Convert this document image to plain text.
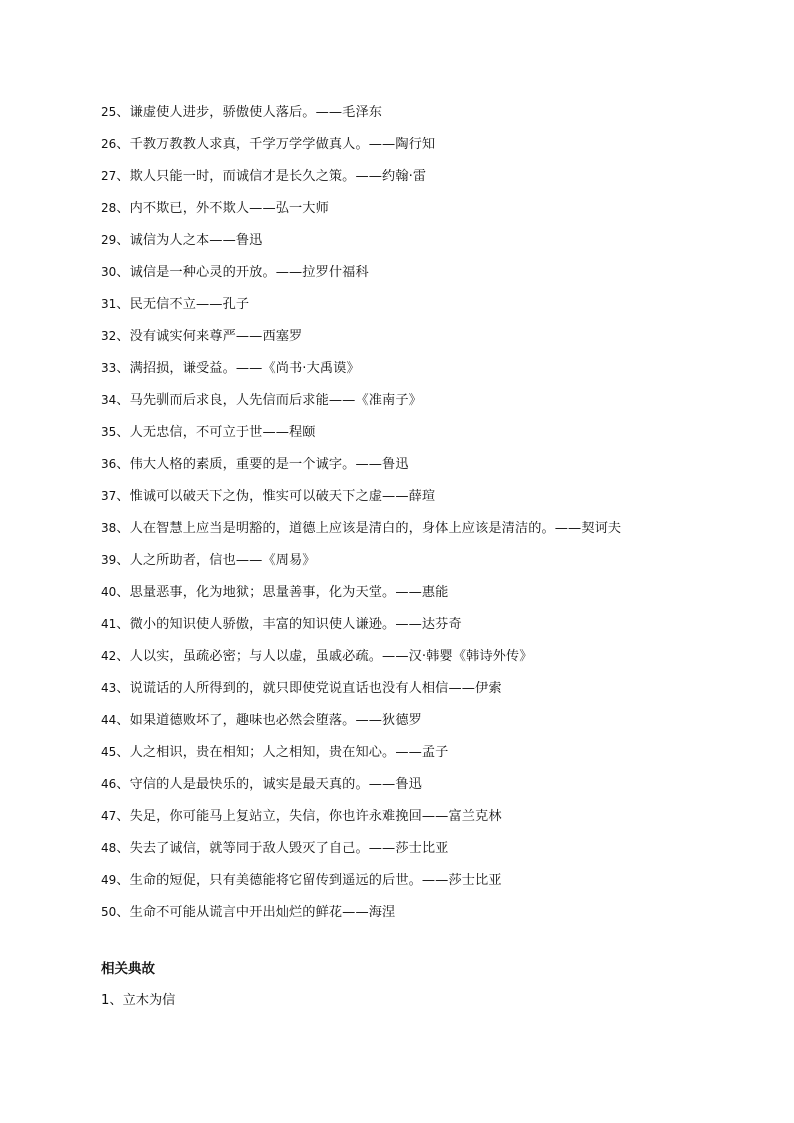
25、谦虚使人进步，骄傲使人落后。——毛泽东
26、千教万教教人求真，千学万学学做真人。——陶行知
27、欺人只能一时，而诚信才是长久之策。——约翰·雷
28、内不欺已，外不欺人——弘一大师
29、诚信为人之本——鲁迅
30、诚信是一种心灵的开放。——拉罗什福科
31、民无信不立——孔子
32、没有诚实何来尊严——西塞罗
33、满招损，谦受益。——《尚书·大禹谟》
34、马先驯而后求良，人先信而后求能——《准南子》
35、人无忠信，不可立于世——程颐
36、伟大人格的素质，重要的是一个诚字。——鲁迅
37、惟诚可以破天下之伪，惟实可以破天下之虚——薛瑄
38、人在智慧上应当是明豁的，道德上应该是清白的，身体上应该是清洁的。——契诃夫
39、人之所助者，信也——《周易》
40、思量恶事，化为地狱；思量善事，化为天堂。——惠能
41、微小的知识使人骄傲，丰富的知识使人谦逊。——达芬奇
42、人以实，虽疏必密；与人以虚，虽戚必疏。——汉·韩婴《韩诗外传》
43、说谎话的人所得到的，就只即使党说直话也没有人相信——伊索
44、如果道德败坏了，趣味也必然会堕落。——狄德罗
45、人之相识，贵在相知；人之相知，贵在知心。——孟子
46、守信的人是最快乐的，诚实是最天真的。——鲁迅
47、失足，你可能马上复站立，失信，你也许永难挽回——富兰克林
48、失去了诚信，就等同于敌人毁灭了自己。——莎士比亚
49、生命的短促，只有美德能将它留传到遥远的后世。——莎士比亚
50、生命不可能从谎言中开出灿烂的鲜花——海涅
相关典故
1、立木为信
